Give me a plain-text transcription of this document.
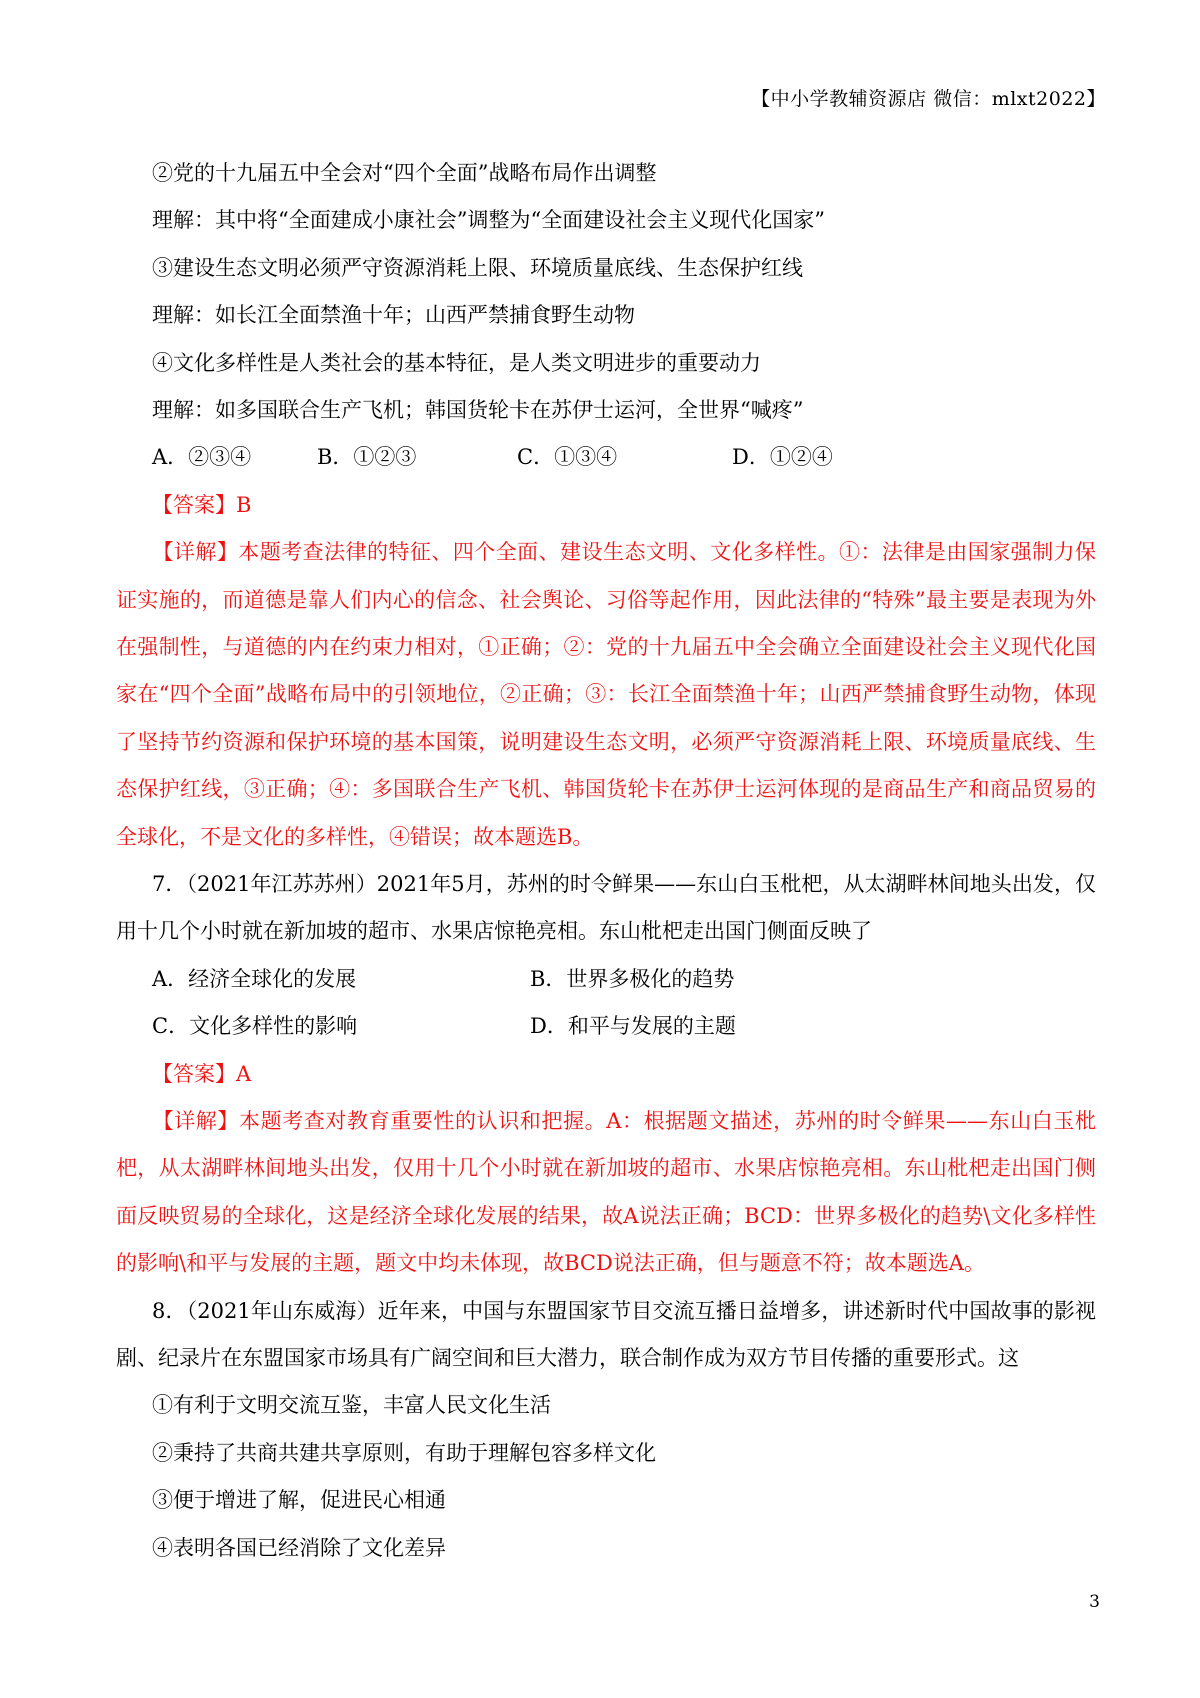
【中小学教辅资源店 微信：mlxt2022】
②党的十九届五中全会对“四个全面”战略布局作出调整
理解：其中将“全面建成小康社会”调整为“全面建设社会主义现代化国家”
③建设生态文明必须严守资源消耗上限、环境质量底线、生态保护红线
理解：如长江全面禁渔十年；山西严禁捕食野生动物
④文化多样性是人类社会的基本特征，是人类文明进步的重要动力
理解：如多国联合生产飞机；韩国货轮卡在苏伊士运河，全世界“喊疼”
A．②③④	B．①②③	C．①③④	D．①②④
【答案】B
【详解】本题考查法律的特征、四个全面、建设生态文明、文化多样性。①：法律是由国家强制力保证实施的，而道德是靠人们内心的信念、社会舆论、习俗等起作用，因此法律的“特殊”最主要是表现为外在强制性，与道德的内在约束力相对，①正确；②：党的十九届五中全会确立全面建设社会主义现代化国家在“四个全面”战略布局中的引领地位，②正确；③：长江全面禁渔十年；山西严禁捕食野生动物，体现了坚持节约资源和保护环境的基本国策，说明建设生态文明，必须严守资源消耗上限、环境质量底线、生态保护红线，③正确；④：多国联合生产飞机、韩国货轮卡在苏伊士运河体现的是商品生产和商品贸易的全球化，不是文化的多样性，④错误；故本题选B。
7．（2021年江苏苏州）2021年5月，苏州的时令鲜果——东山白玉枇杷，从太湖畔林间地头出发，仅用十几个小时就在新加坡的超市、水果店惊艳亮相。东山枇杷走出国门侧面反映了
A．经济全球化的发展	B．世界多极化的趋势
C．文化多样性的影响	D．和平与发展的主题
【答案】A
【详解】本题考查对教育重要性的认识和把握。A：根据题文描述，苏州的时令鲜果——东山白玉枇杷，从太湖畔林间地头出发，仅用十几个小时就在新加坡的超市、水果店惊艳亮相。东山枇杷走出国门侧面反映贸易的全球化，这是经济全球化发展的结果，故A说法正确；BCD：世界多极化的趋势\文化多样性的影响\和平与发展的主题，题文中均未体现，故BCD说法正确，但与题意不符；故本题选A。
8．（2021年山东威海）近年来，中国与东盟国家节目交流互播日益增多，讲述新时代中国故事的影视剧、纪录片在东盟国家市场具有广阔空间和巨大潜力，联合制作成为双方节目传播的重要形式。这
①有利于文明交流互鉴，丰富人民文化生活
②秉持了共商共建共享原则，有助于理解包容多样文化
③便于增进了解，促进民心相通
④表明各国已经消除了文化差异
3
